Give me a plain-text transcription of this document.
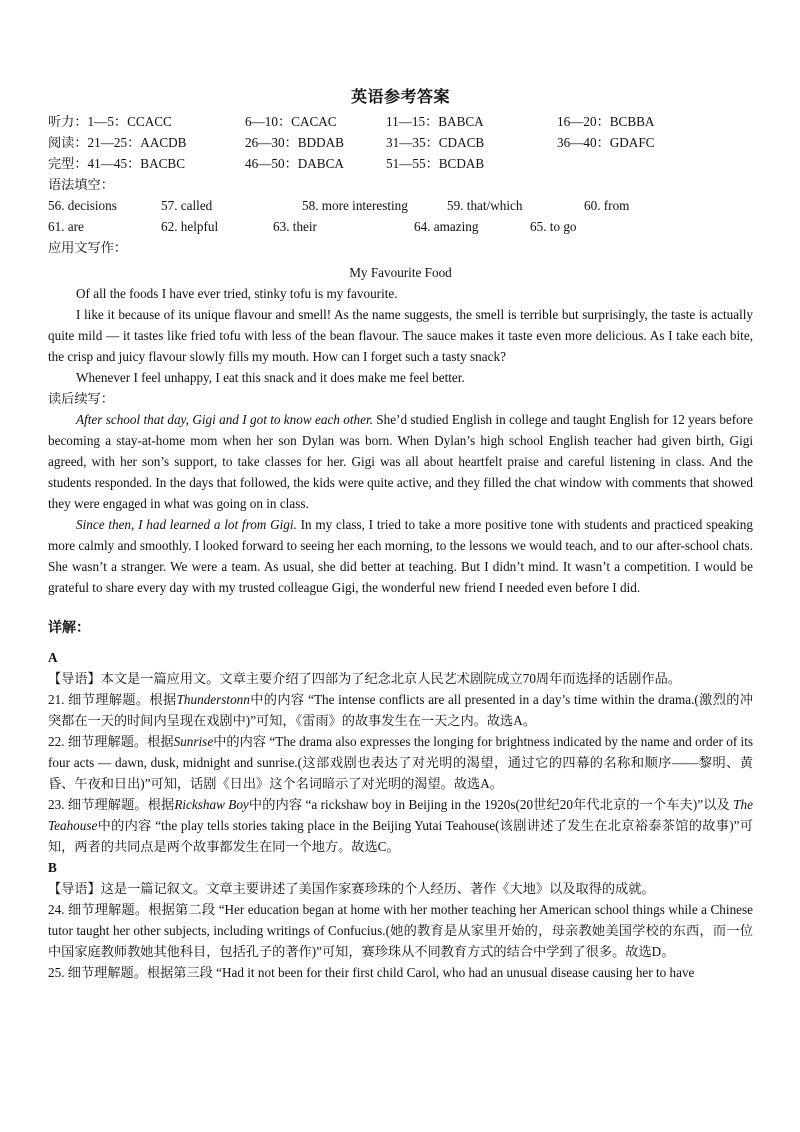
英语参考答案
听力：1—5：CCACC	6—10：CACAC	11—15：BABCA	16—20：BCBBA
阅读：21—25：AACDB	26—30：BDDAB	31—35：CDACB	36—40：GDAFC
完型：41—45：BACBC	46—50：DABCA	51—55：BCDAB
语法填空：
56. decisions	57. called	58. more interesting	59. that/which	60. from
61. are	62. helpful	63. their	64. amazing	65. to go
应用文写作：
My Favourite Food

Of all the foods I have ever tried, stinky tofu is my favourite.

I like it because of its unique flavour and smell! As the name suggests, the smell is terrible but surprisingly, the taste is actually quite mild — it tastes like fried tofu with less of the bean flavour. The sauce makes it taste even more delicious. As I take each bite, the crisp and juicy flavour slowly fills my mouth. How can I forget such a tasty snack?

Whenever I feel unhappy, I eat this snack and it does make me feel better.

读后续写：

After school that day, Gigi and I got to know each other. She’d studied English in college and taught English for 12 years before becoming a stay-at-home mom when her son Dylan was born. When Dylan’s high school English teacher had given birth, Gigi agreed, with her son’s support, to take classes for her. Gigi was all about heartfelt praise and careful listening in class. And the students responded. In the days that followed, the kids were quite active, and they filled the chat window with comments that showed they were engaged in what was going on in class.

Since then, I had learned a lot from Gigi. In my class, I tried to take a more positive tone with students and practiced speaking more calmly and smoothly. I looked forward to seeing her each morning, to the lessons we would teach, and to our after-school chats. She wasn’t a stranger. We were a team. As usual, she did better at teaching. But I didn’t mind. It wasn’t a competition. I would be grateful to share every day with my trusted colleague Gigi, the wonderful new friend I needed even before I did.

详解：
A

【导语】本文是一篇应用文。文章主要介绍了四部为了纪念北京人民艺术剧院成立70周年而选择的话剧作品。

21. 细节理解题。根据Thunderstonn中的内容 “The intense conflicts are all presented in a day’s time within the drama.(激烈的冲突都在一天的时间内呈现在戏剧中)”可知，《雷雨》的故事发生在一天之内。故选A。

22. 细节理解题。根据Sunrise中的内容 “The drama also expresses the longing for brightness indicated by the name and order of its four acts — dawn, dusk, midnight and sunrise.(这部戏剧也表达了对光明的渴望，通过它的四幕的名称和顺序——黎明、黄昏、午夜和日出)”可知，话剧《日出》这个名词暗示了对光明的渴望。故选A。

23. 细节理解题。根据Rickshaw Boy中的内容 “a rickshaw boy in Beijing in the 1920s(20世纪20年代北京的一个车夫)”以及 The Teahouse中的内容 “the play tells stories taking place in the Beijing Yutai Teahouse(该剧讲述了发生在北京裕泰茶馆的故事)”可知，两者的共同点是两个故事都发生在同一个地方。故选C。

B

【导语】这是一篇记叙文。文章主要讲述了美国作家赛珍珠的个人经历、著作《大地》以及取得的成就。

24. 细节理解题。根据第二段 “Her education began at home with her mother teaching her American school things while a Chinese tutor taught her other subjects, including writings of Confucius.(她的教育是从家里开始的，母亲教她美国学校的东西，而一位中国家庭教师教她其他科目，包括孔子的著作)”可知，赛珍珠从不同教育方式的结合中学到了很多。故选D。

25. 细节理解题。根据第三段 “Had it not been for their first child Carol, who had an unusual disease causing her to have
